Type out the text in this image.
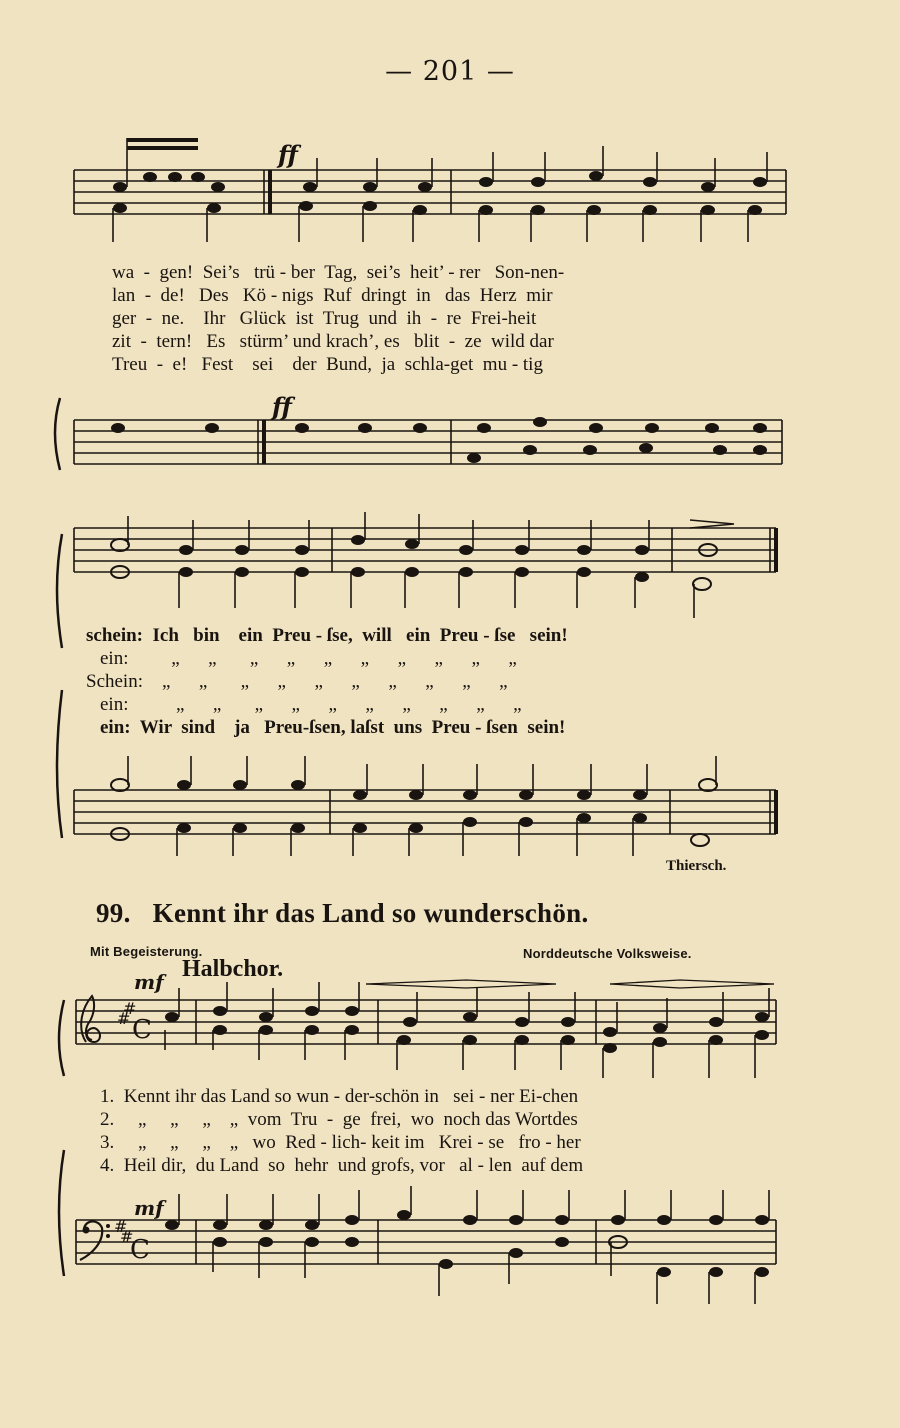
— 201 —
ff
wa  -  gen!  Sei’s   trü - ber  Tag,  sei’s  heit’ - rer   Son-nen-
lan  -  de!   Des   Kö - nigs  Ruf  dringt  in   das  Herz  mir
ger  -  ne.    Ihr   Glück  ist  Trug  und  ih  -  re  Frei-heit
zit  -  tern!   Es   stürm’ und krach’, es   blit  -  ze  wild dar
Treu  -  e!   Fest    sei    der  Bund,  ja  schla-get  mu - tig
ff
schein:  Ich   bin    ein  Preu - ſse,  will   ein  Preu - ſse   sein!
ein:         „      „       „      „      „      „      „      „      „      „
Schein:    „      „       „      „      „      „      „      „      „      „
ein:          „      „       „      „      „      „      „      „      „      „
ein:  Wir  sind    ja   Preu-ſsen, laſst  uns  Preu - ſsen  sein!
Thiersch.
99. Kennt ihr das Land so wunderschön.
Mit Begeisterung.	Norddeutsche Volksweise.
mf Halbchor.
#
#
C
1.  Kennt ihr das Land so wun - der-schön in   sei - ner Ei-chen
2.     „     „     „    „  vom  Tru  -  ge  frei,  wo  noch das Wortdes
3.     „     „     „    „   wo  Red - lich- keit im   Krei - se   fro - her
4.  Heil dir,  du Land  so  hehr  und grofs, vor   al - len  auf dem
mf
#
#
C
